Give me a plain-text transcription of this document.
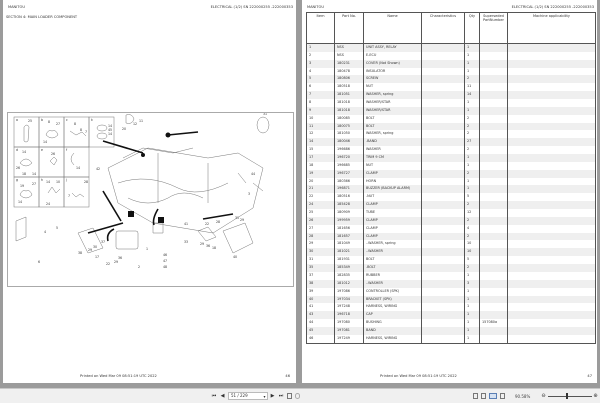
MANITOU	ELECTRICAL (1/2) SN 222000255 -222000353
SECTION 4: MAIN LOADER COMPONENT
a	b	c	k
d	e	f
g	h	j
25	8 27
14
8
8 7
14
45
14
14
26
18 14
26
14
19 27
14
14 10
24
28
7
12
11
20
42
31
44
3
5
4
6
37
38
29
30
17
1
41	22 28
31 29
2
22 29
36
46
47
48
29 36 18
33
40
Printed on Wed Mar 09 08:51:19 UTC 2022	46
MANITOU	ELECTRICAL (1/2) SN 222000255 -222000353
Item	Part No.	Name	Characteristics	Qty	Superseded PartNumber	Machine applicability
1	NSS	UNIT ASSY, RELAY		1		
2	NSS	E-ECU		1		
3	180231	COVER (Not Shown)		1		
4	180478	INSULATOR		1		
5	180806	SCREW		2		
6	180518	NUT		11		
7	181051	WASHER, spring		14		
8	181018	WASHER/STAR		1		
9	181018	WASHER/STAR		1		
10	180085	BOLT		2		
11	180075	BOLT		2		
12	181050	WASHER, spring		2		
14	180046	.BAND		27		
15	196686	WASHER		2		
17	196720	TRIM 9 CM		1		
18	196685	NUT		1		
19	196727	CLAMP		2		
20	180366	HORN		1		
21	196871	BUZZER (BACKUP ALARM)		1		
22	180516	.NUT		5		
24	185428	CLAMP		2		
25	180909	TUBE		12		
26	199959	CLAMP		2		
27	181656	CLAMP		4		
28	181657	CLAMP		2		
29	181049	..WASHER, spring		10		
30	181021	..WASHER		10		
31	181931	BOLT		5		
35	185349	.BOLT		2		
37	182835	RUBBER		1		
38	181012	..WASHER		3		
39	197086	CONTROLLER (SPK)		1		
40	197034	BRACKET (SPK)		1		
41	197248	HARNESS, WIRING		1		
43	196718	CAP		1		
44	197080	BUSHING		1	157080a	
45	197081	BAND		1		
46	197249	HARNESS, WIRING		1		
Printed on Wed Mar 09 08:51:19 UTC 2022	47
⏮ ◀
51 / 229	▾	▶ ⏭	90.58% ⊖	⊕
